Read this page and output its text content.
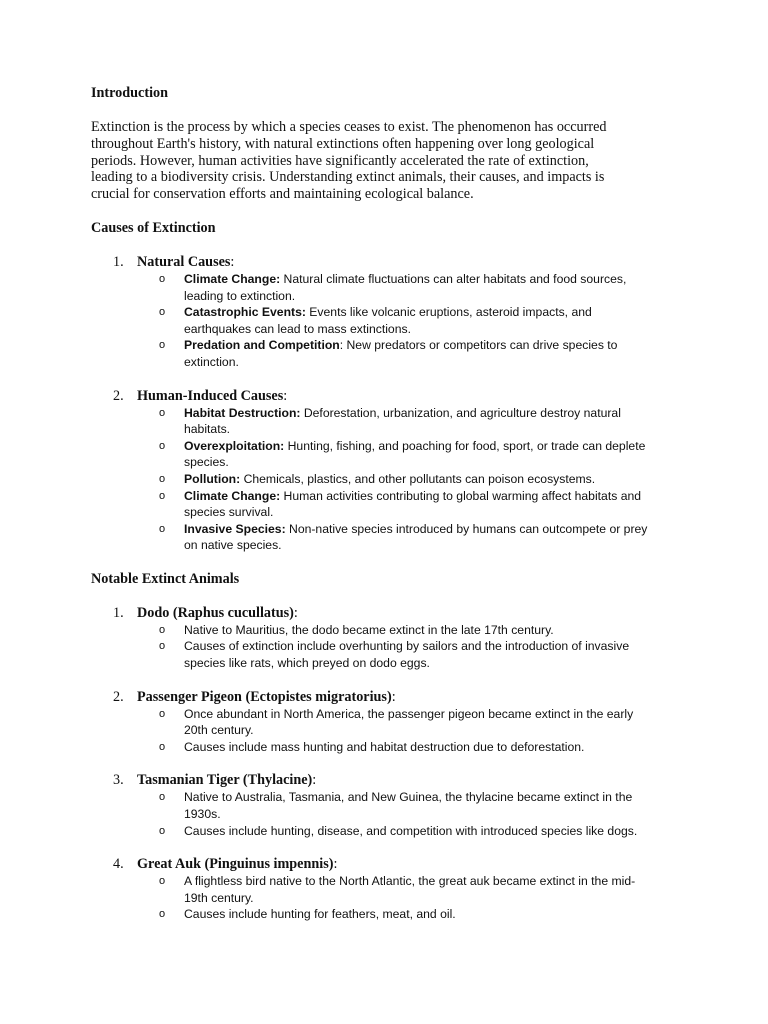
Introduction
Extinction is the process by which a species ceases to exist. The phenomenon has occurred
throughout Earth's history, with natural extinctions often happening over long geological
periods. However, human activities have significantly accelerated the rate of extinction,
leading to a biodiversity crisis. Understanding extinct animals, their causes, and impacts is
crucial for conservation efforts and maintaining ecological balance.
Causes of Extinction
1. Natural Causes:
o Climate Change: Natural climate fluctuations can alter habitats and food sources,
leading to extinction.
o Catastrophic Events: Events like volcanic eruptions, asteroid impacts, and
earthquakes can lead to mass extinctions.
o Predation and Competition: New predators or competitors can drive species to
extinction.
2. Human-Induced Causes:
o Habitat Destruction: Deforestation, urbanization, and agriculture destroy natural
habitats.
o Overexploitation: Hunting, fishing, and poaching for food, sport, or trade can deplete
species.
o Pollution: Chemicals, plastics, and other pollutants can poison ecosystems.
o Climate Change: Human activities contributing to global warming affect habitats and
species survival.
o Invasive Species: Non-native species introduced by humans can outcompete or prey
on native species.
Notable Extinct Animals
1. Dodo (Raphus cucullatus):
o Native to Mauritius, the dodo became extinct in the late 17th century.
o Causes of extinction include overhunting by sailors and the introduction of invasive
species like rats, which preyed on dodo eggs.
2. Passenger Pigeon (Ectopistes migratorius):
o Once abundant in North America, the passenger pigeon became extinct in the early
20th century.
o Causes include mass hunting and habitat destruction due to deforestation.
3. Tasmanian Tiger (Thylacine):
o Native to Australia, Tasmania, and New Guinea, the thylacine became extinct in the
1930s.
o Causes include hunting, disease, and competition with introduced species like dogs.
4. Great Auk (Pinguinus impennis):
o A flightless bird native to the North Atlantic, the great auk became extinct in the mid-
19th century.
o Causes include hunting for feathers, meat, and oil.
